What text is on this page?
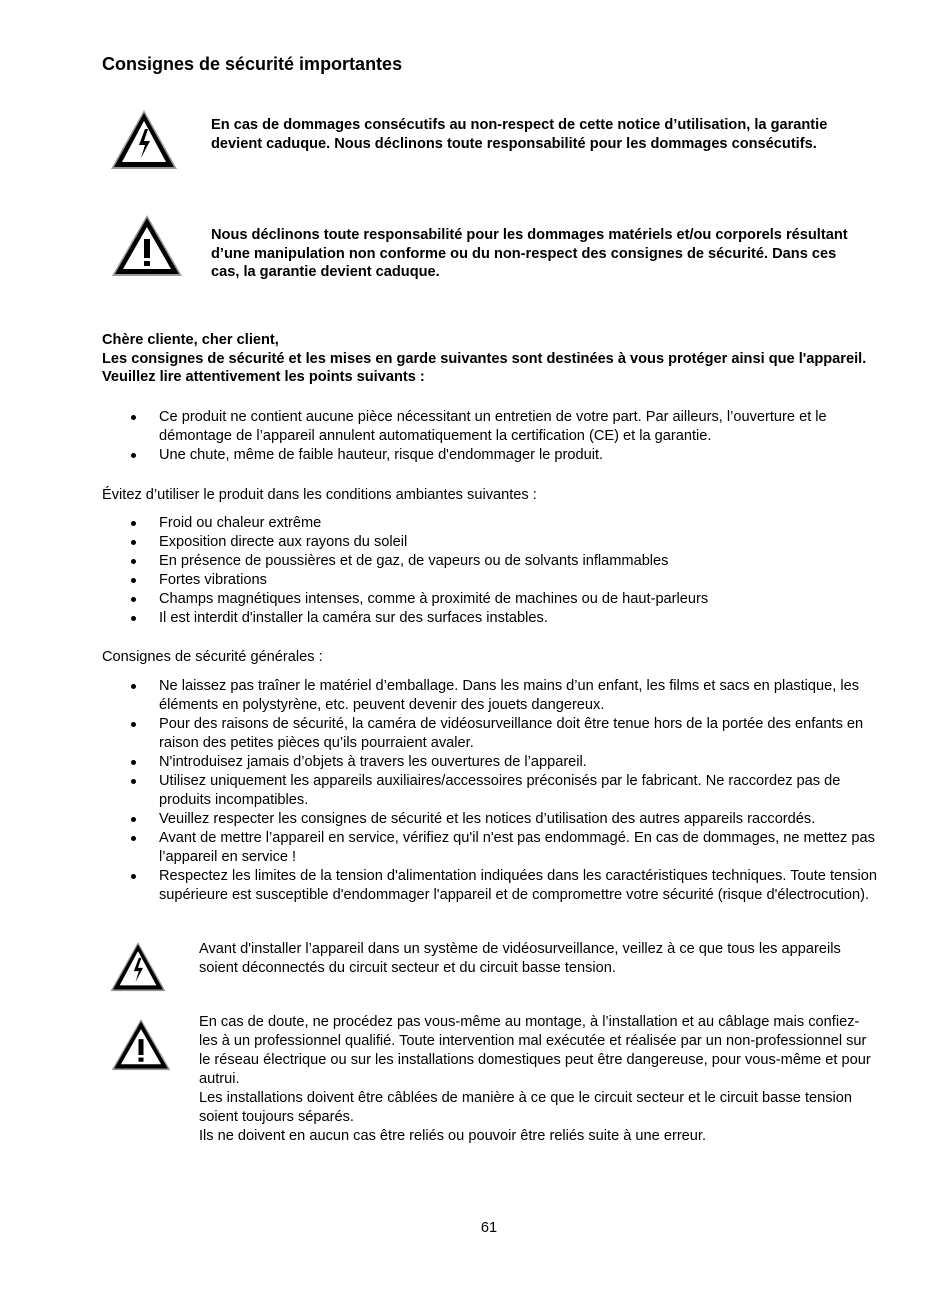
Consignes de sécurité importantes
En cas de dommages consécutifs au non-respect de cette notice d’utilisation, la garantie devient caduque. Nous déclinons toute responsabilité pour les dommages consécutifs.
Nous déclinons toute responsabilité pour les dommages matériels et/ou corporels résultant d’une manipulation non conforme ou du non-respect des consignes de sécurité. Dans ces cas, la garantie devient caduque.
Chère cliente, cher client,
Les consignes de sécurité et les mises en garde suivantes sont destinées à vous protéger ainsi que l'appareil. Veuillez lire attentivement les points suivants :
Ce produit ne contient aucune pièce nécessitant un entretien de votre part. Par ailleurs, l’ouverture et le démontage de l’appareil annulent automatiquement la certification (CE) et la garantie.
Une chute, même de faible hauteur, risque d'endommager le produit.
Évitez d’utiliser le produit dans les conditions ambiantes suivantes :
Froid ou chaleur extrême
Exposition directe aux rayons du soleil
En présence de poussières et de gaz, de vapeurs ou de solvants inflammables
Fortes vibrations
Champs magnétiques intenses, comme à proximité de machines ou de haut-parleurs
Il est interdit d'installer la caméra sur des surfaces instables.
Consignes de sécurité générales :
Ne laissez pas traîner le matériel d’emballage. Dans les mains d’un enfant, les films et sacs en plastique, les éléments en polystyrène, etc. peuvent devenir des jouets dangereux.
Pour des raisons de sécurité, la caméra de vidéosurveillance doit être tenue hors de la portée des enfants en raison des petites pièces qu’ils pourraient avaler.
N'introduisez jamais d’objets à travers les ouvertures de l’appareil.
Utilisez uniquement les appareils auxiliaires/accessoires préconisés par le fabricant. Ne raccordez pas de produits incompatibles.
Veuillez respecter les consignes de sécurité et les notices d’utilisation des autres appareils raccordés.
Avant de mettre l’appareil en service, vérifiez qu'il n'est pas endommagé. En cas de dommages, ne mettez pas l’appareil en service !
Respectez les limites de la tension d'alimentation indiquées dans les caractéristiques techniques. Toute tension supérieure est susceptible d'endommager l'appareil et de compromettre votre sécurité (risque d'électrocution).
Avant d'installer l’appareil dans un système de vidéosurveillance, veillez à ce que tous les appareils soient déconnectés du circuit secteur et du circuit basse tension.
En cas de doute, ne procédez pas vous-même au montage, à l’installation et au câblage mais confiez-les à un professionnel qualifié. Toute intervention mal exécutée et réalisée par un non-professionnel sur le réseau électrique ou sur les installations domestiques peut être dangereuse, pour vous-même et pour autrui.
Les installations doivent être câblées de manière à ce que le circuit secteur et le circuit basse tension soient toujours séparés.
Ils ne doivent en aucun cas être reliés ou pouvoir être reliés suite à une erreur.
61
